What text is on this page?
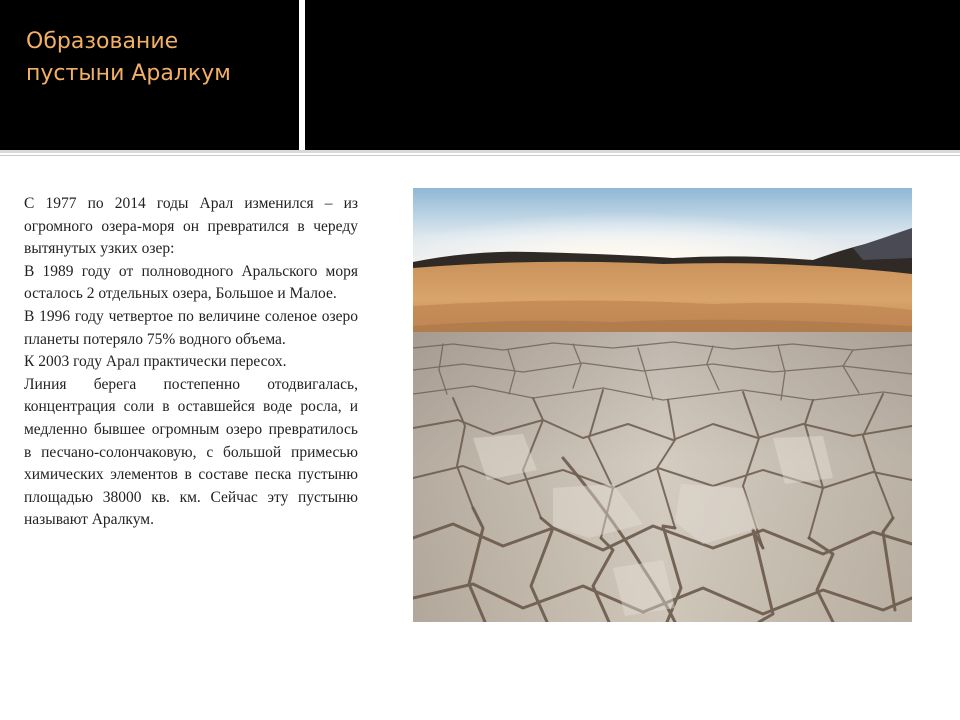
Образование
пустыни Аралкум

С 1977 по 2014 годы Арал изменился – из огромного озера-моря он превратился в череду вытянутых узких озер:

В 1989 году от полноводного Аральского моря осталось 2 отдельных озера, Большое и Малое.

В 1996 году четвертое по величине соленое озеро планеты потеряло 75% водного объема.

К 2003 году Арал практически пересох.

Линия берега постепенно отодвигалась, концентрация соли в оставшейся воде росла, и медленно бывшее огромным озеро превратилось в песчано-солончаковую, с большой примесью химических элементов в составе песка пустыню площадью 38000 кв. км. Сейчас эту пустыню называют Аралкум.
